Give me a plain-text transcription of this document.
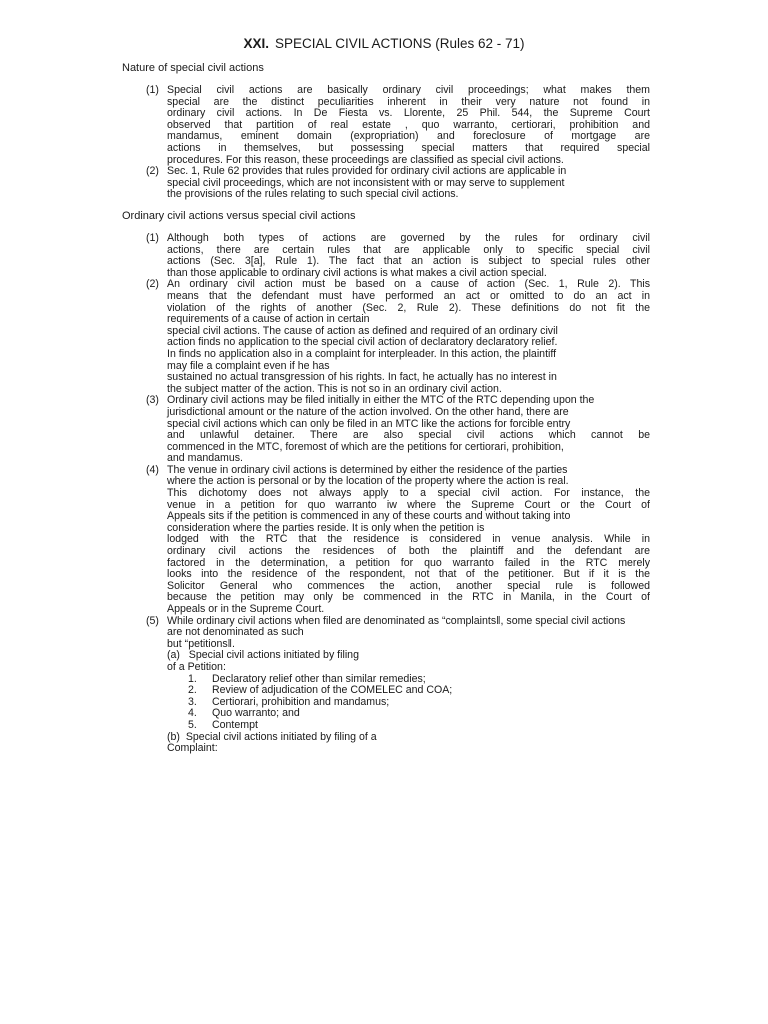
XXI. SPECIAL CIVIL ACTIONS (Rules 62 - 71)
Nature of special civil actions
(1) Special civil actions are basically ordinary civil proceedings; what makes them
special are the distinct peculiarities inherent in their very nature not found in
ordinary civil actions. In De Fiesta vs. Llorente, 25 Phil. 544, the Supreme Court
observed that partition of real estate , quo warranto, certiorari, prohibition and
mandamus, eminent domain (expropriation) and foreclosure of mortgage are
actions in themselves, but possessing special matters that required special
procedures. For this reason, these proceedings are classified as special civil actions.
(2) Sec. 1, Rule 62 provides that rules provided for ordinary civil actions are applicable in
special civil proceedings, which are not inconsistent with or may serve to supplement
the provisions of the rules relating to such special civil actions.
Ordinary civil actions versus special civil actions
(1) Although both types of actions are governed by the rules for ordinary civil
actions, there are certain rules that are applicable only to specific special civil
actions (Sec. 3[a], Rule 1). The fact that an action is subject to special rules other
than those applicable to ordinary civil actions is what makes a civil action special.
(2) An ordinary civil action must be based on a cause of action (Sec. 1, Rule 2). This
means that the defendant must have performed an act or omitted to do an act in
violation of the rights of another (Sec. 2, Rule 2). These definitions do not fit the
requirements of a cause of action in certain
special civil actions. The cause of action as defined and required of an ordinary civil
action finds no application to the special civil action of declaratory declaratory relief.
In finds no application also in a complaint for interpleader. In this action, the plaintiff
may file a complaint even if he has
sustained no actual transgression of his rights. In fact, he actually has no interest in
the subject matter of the action. This is not so in an ordinary civil action.
(3) Ordinary civil actions may be filed initially in either the MTC of the RTC depending upon the
jurisdictional amount or the nature of the action involved. On the other hand, there are
special civil actions which can only be filed in an MTC like the actions for forcible entry
and unlawful detainer. There are also special civil actions which cannot be
commenced in the MTC, foremost of which are the petitions for certiorari, prohibition,
and mandamus.
(4) The venue in ordinary civil actions is determined by either the residence of the parties
where the action is personal or by the location of the property where the action is real.
This dichotomy does not always apply to a special civil action. For instance, the
venue in a petition for quo warranto iw where the Supreme Court or the Court of
Appeals sits if the petition is commenced in any of these courts and without taking into
consideration where the parties reside. It is only when the petition is
lodged with the RTC that the residence is considered in venue analysis. While in
ordinary civil actions the residences of both the plaintiff and the defendant are
factored in the determination, a petition for quo warranto failed in the RTC merely
looks into the residence of the respondent, not that of the petitioner. But if it is the
Solicitor General who commences the action, another special rule is followed
because the petition may only be commenced in the RTC in Manila, in the Court of
Appeals or in the Supreme Court.
(5) While ordinary civil actions when filed are denominated as “complaints‖, some special civil actions
are not denominated as such
but “petitions‖.
(a) Special civil actions initiated by filing
of a Petition:
1. Declaratory relief other than similar remedies;
2. Review of adjudication of the COMELEC and COA;
3. Certiorari, prohibition and mandamus;
4. Quo warranto; and
5. Contempt
(b) Special civil actions initiated by filing of a
Complaint:
